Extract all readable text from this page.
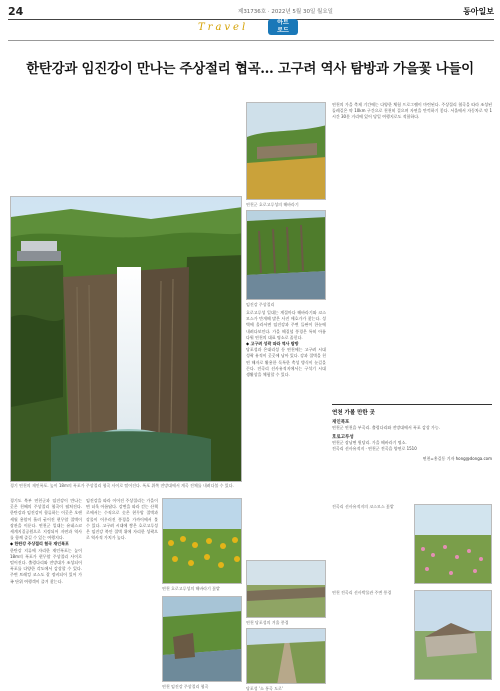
24	제31736호 · 2022년 5월 30일 월요일	동아일보
Travel	아트
로드
한탄강과 임진강이 만나는 주상절리 협곡… 고구려 역사 탐방과 가을꽃 나들이
경기 연천의 재인폭포. 높이 18m의 폭포가 주상절리 협곡 사이로 떨어진다. 폭포 위쪽 전망대에서 계곡 전체를 내려다볼 수 있다.
경기도 북부 연천군과 임진강이 만나는 곳은 천혜의 주상절리 협곡이 펼쳐진다. 한탄강과 임진강이 합류하는 이곳은 오랜 세월 용암이 흘러 굳어진 현무암 절벽이 장관을 이룬다. 연천군 일대는 유네스코 세계지질공원으로 지정되어 자연과 역사를 함께 즐길 수 있는 여행지다.
◆ 한탄강 주상절리 협곡 재인폭포
한탄강 지류에 자리한 재인폭포는 높이 18m의 폭포가 현무암 주상절리 사이로 떨어진다. 출렁다리와 전망대가 조성되어 폭포를 다양한 각도에서 감상할 수 있다. 주변 트레킹 코스도 잘 정비되어 있어 가족 단위 여행객이 즐겨 찾는다.
임진강을 따라 이어진 주상절리는 가을이면 더욱 아름답다. 강변을 따라 걷는 산책로에서는 수직으로 솟은 현무암 절벽과 강물이 어우러진 풍경을 가까이에서 볼 수 있다. 고구려 시대에 쌓은 호로고루성은 임진강 북안 절벽 위에 자리한 성곽으로 역사적 가치가 높다.
연천 호로고루성의 해바라기 꽃밭
연천 임진강 주상절리 협곡
연천군 호로고루성의 해바라기
임진강 주상절리
호로고루성 일대는 계절마다 해바라기와 코스모스가 만개해 많은 사진 애호가가 찾는다. 성벽에 올라서면 임진강과 주변 들판이 한눈에 내려다보인다. 가을 해질녘 풍경은 특히 아름다워 연천의 대표 명소로 꼽힌다.
◆ 고구려 성곽 따라 역사 탐방
당포성과 은대리성 등 연천에는 고구려 시대 성곽 유적이 곳곳에 남아 있다. 강과 절벽을 천연 해자로 활용한 독특한 축성 방식이 눈길을 끈다. 전곡리 선사유적지에서는 구석기 시대 생활상을 체험할 수 있다.
연천 당포성의 겨울 풍경
당포성 '소 통곡 도로'
연천의 가을 축제 기간에는 다양한 체험 프로그램이 마련된다. 주상절리 협곡을 따라 조성된 둘레길은 약 10km 구간으로 천천히 걸으며 자연을 만끽하기 좋다. 서울에서 자동차로 약 1시간 30분 거리에 있어 당일 여행지로도 적합하다.
연천 가볼 만한 곳
재인폭포
연천군 연천읍 부곡리. 출렁다리와 전망대에서 폭포 감상 가능.
호로고루성
연천군 장남면 원당리. 가을 해바라기 명소.
전곡리 선사유적지 · 연천군 전곡읍 양연로 1510
연천=홍길동 기자 hong@donga.com
전곡리 선사유적지의 코스모스 꽃밭
연천 전곡리 선사박물관 주변 풍경
